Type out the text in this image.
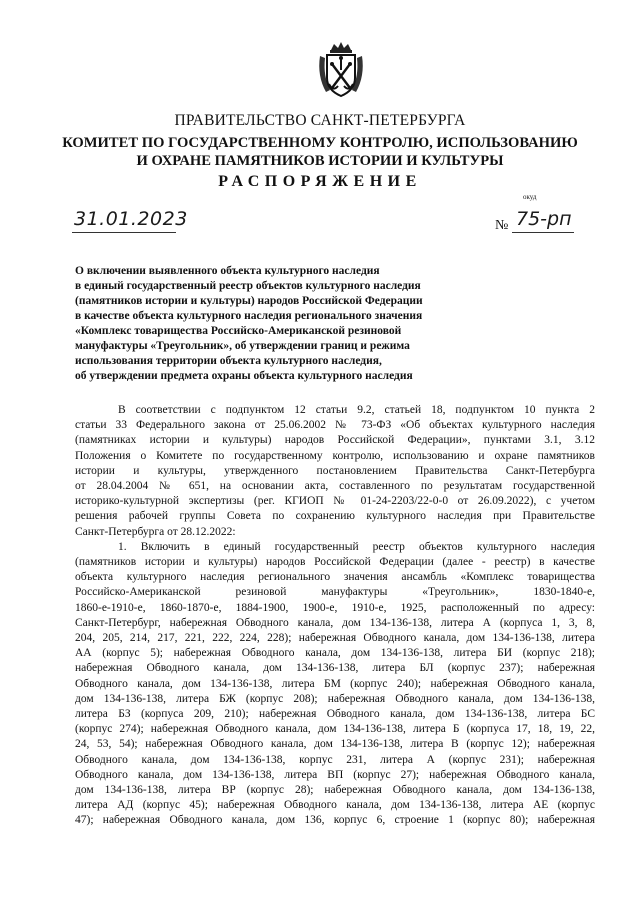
ПРАВИТЕЛЬСТВО САНКТ-ПЕТЕРБУРГА
КОМИТЕТ ПО ГОСУДАРСТВЕННОМУ КОНТРОЛЮ, ИСПОЛЬЗОВАНИЮ
И ОХРАНЕ ПАМЯТНИКОВ ИСТОРИИ И КУЛЬТУРЫ
РАСПОРЯЖЕНИЕ
окуд
31.01.2023	№ 75-рп

О включении выявленного объекта культурного наследия
в единый государственный реестр объектов культурного наследия
(памятников истории и культуры) народов Российской Федерации
в качестве объекта культурного наследия регионального значения
«Комплекс товарищества Российско-Американской резиновой
мануфактуры «Треугольник», об утверждении границ и режима
использования территории объекта культурного наследия,
об утверждении предмета охраны объекта культурного наследия

В соответствии с подпунктом 12 статьи 9.2, статьей 18, подпунктом 10 пункта 2
статьи 33 Федерального закона от 25.06.2002 № 73-ФЗ «Об объектах культурного наследия
(памятниках истории и культуры) народов Российской Федерации», пунктами 3.1, 3.12
Положения о Комитете по государственному контролю, использованию и охране памятников
истории и культуры, утвержденного постановлением Правительства Санкт-Петербурга
от 28.04.2004 № 651, на основании акта, составленного по результатам государственной
историко-культурной экспертизы (рег. КГИОП № 01-24-2203/22-0-0 от 26.09.2022), с учетом
решения рабочей группы Совета по сохранению культурного наследия при Правительстве
Санкт-Петербурга от 28.12.2022:
1. Включить в единый государственный реестр объектов культурного наследия
(памятников истории и культуры) народов Российской Федерации (далее - реестр) в качестве
объекта культурного наследия регионального значения ансамбль «Комплекс товарищества
Российско-Американской резиновой мануфактуры «Треугольник», 1830-1840-е,
1860-е-1910-е, 1860-1870-е, 1884-1900, 1900-е, 1910-е, 1925, расположенный по адресу:
Санкт-Петербург, набережная Обводного канала, дом 134-136-138, литера А (корпуса 1, 3, 8,
204, 205, 214, 217, 221, 222, 224, 228); набережная Обводного канала, дом 134-136-138, литера
АА (корпус 5); набережная Обводного канала, дом 134-136-138, литера БИ (корпус 218);
набережная Обводного канала, дом 134-136-138, литера БЛ (корпус 237); набережная
Обводного канала, дом 134-136-138, литера БМ (корпус 240); набережная Обводного канала,
дом 134-136-138, литера БЖ (корпус 208); набережная Обводного канала, дом 134-136-138,
литера БЗ (корпуса 209, 210); набережная Обводного канала, дом 134-136-138, литера БС
(корпус 274); набережная Обводного канала, дом 134-136-138, литера Б (корпуса 17, 18, 19, 22,
24, 53, 54); набережная Обводного канала, дом 134-136-138, литера В (корпус 12); набережная
Обводного канала, дом 134-136-138, корпус 231, литера А (корпус 231); набережная
Обводного канала, дом 134-136-138, литера ВП (корпус 27); набережная Обводного канала,
дом 134-136-138, литера ВР (корпус 28); набережная Обводного канала, дом 134-136-138,
литера АД (корпус 45); набережная Обводного канала, дом 134-136-138, литера АЕ (корпус
47); набережная Обводного канала, дом 136, корпус 6, строение 1 (корпус 80); набережная
